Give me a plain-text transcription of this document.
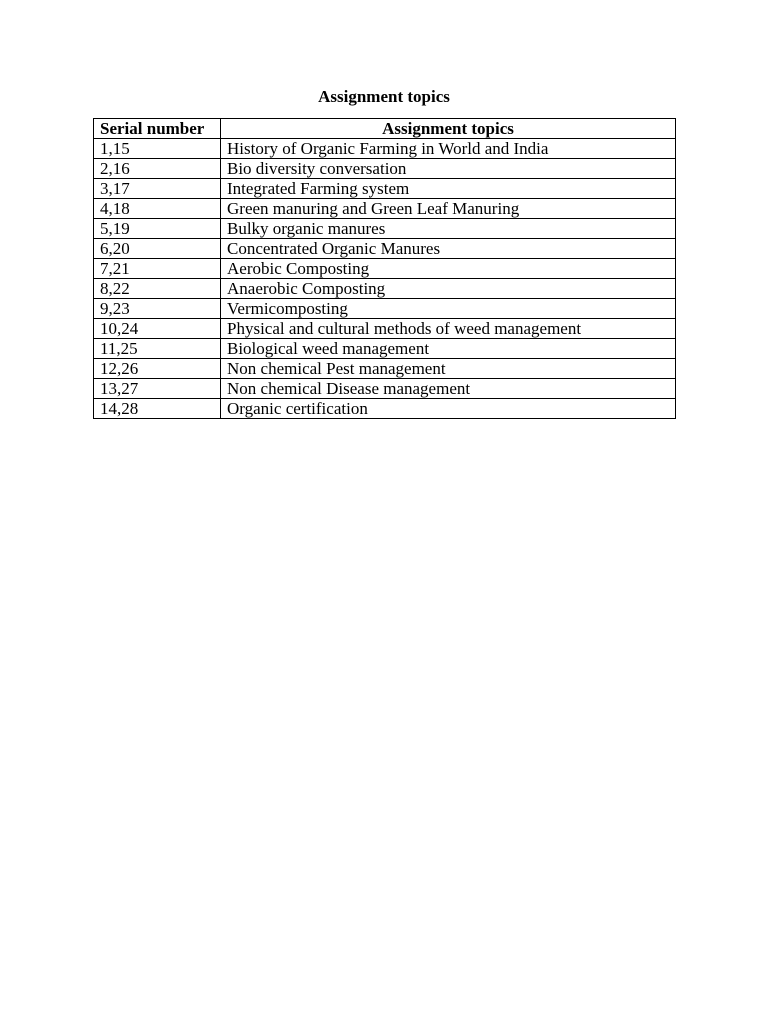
Assignment topics
Serial number	Assignment topics
1,15	History of Organic Farming in World and India
2,16	Bio diversity conversation
3,17	Integrated Farming system
4,18	Green manuring and Green Leaf Manuring
5,19	Bulky organic manures
6,20	Concentrated Organic Manures
7,21	Aerobic Composting
8,22	Anaerobic Composting
9,23	Vermicomposting
10,24	Physical and cultural methods of weed management
11,25	Biological weed management
12,26	Non chemical Pest management
13,27	Non chemical Disease management
14,28	Organic certification
